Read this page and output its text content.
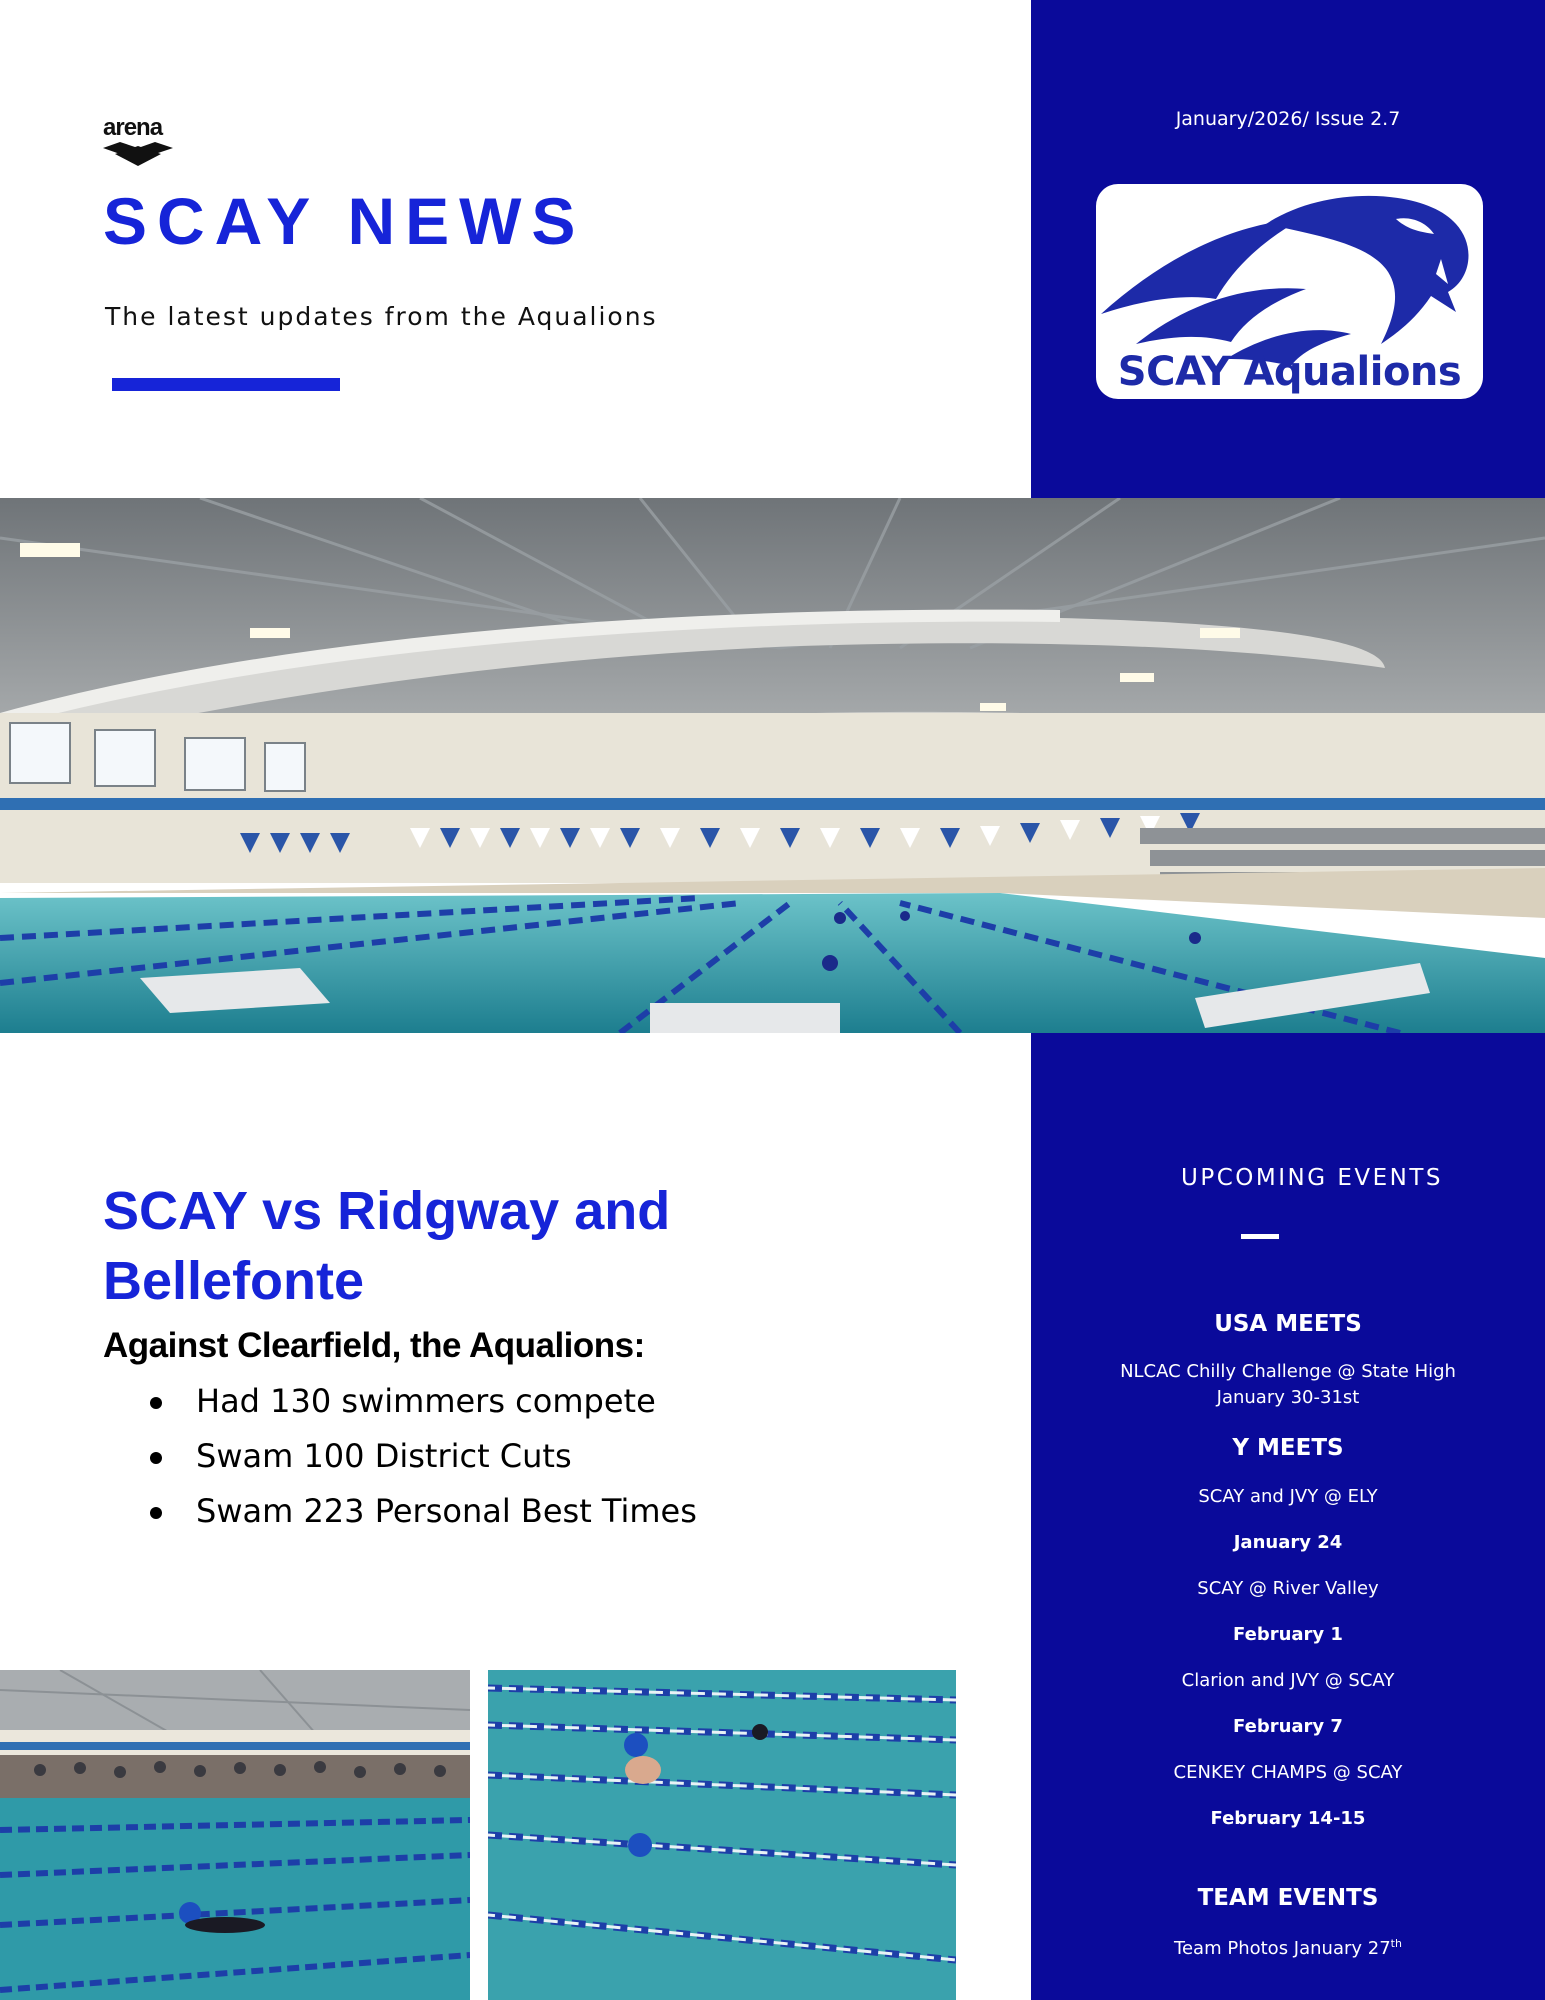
arena
SCAY NEWS
The latest updates from the Aqualions
January/2026/ Issue 2.7
SCAY Aqualions
SCAY vs Ridgway and Bellefonte
Against Clearfield, the Aqualions:
Had 130 swimmers compete
Swam 100 District Cuts
Swam 223 Personal Best Times
UPCOMING EVENTS
USA MEETS
NLCAC Chilly Challenge @ State High
January 30-31st
Y MEETS
SCAY and JVY @ ELY
January 24
SCAY @ River Valley
February 1
Clarion and JVY @ SCAY
February 7
CENKEY CHAMPS @ SCAY
February 14-15
TEAM EVENTS
Team Photos January 27th
